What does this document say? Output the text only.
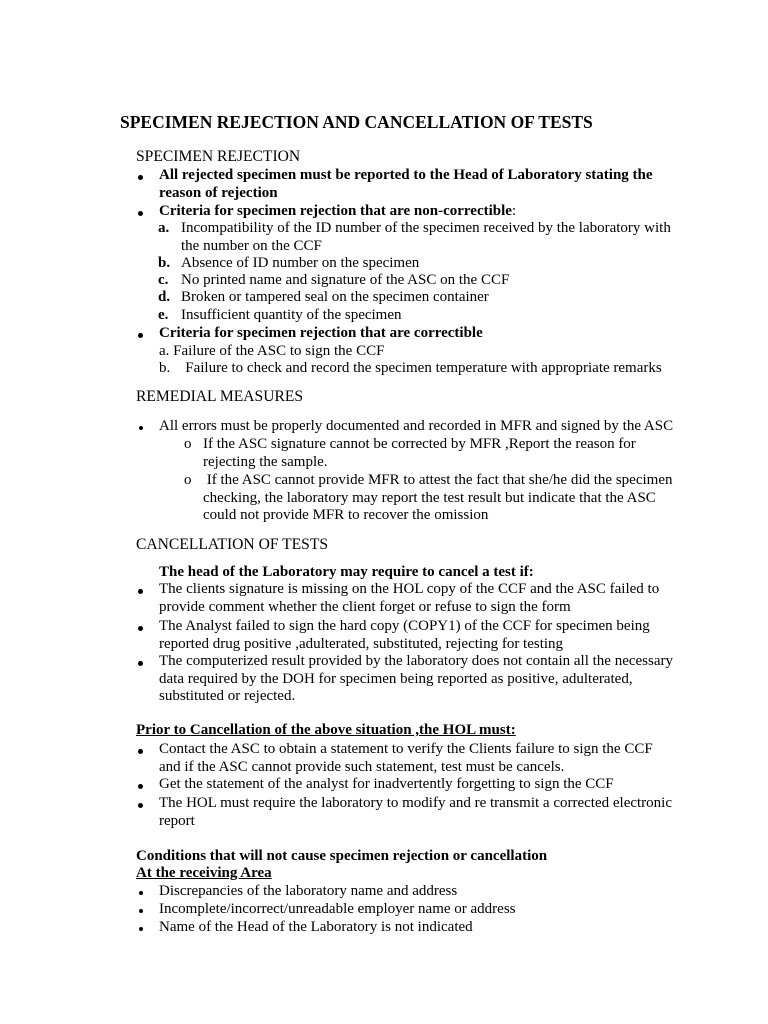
SPECIMEN REJECTION AND CANCELLATION OF TESTS
SPECIMEN REJECTION
All rejected specimen must be reported to the Head of Laboratory stating the
reason of rejection
Criteria for specimen rejection that are non-correctible:
a. Incompatibility of the ID number of the specimen received by the laboratory with
the number on the CCF
b. Absence of ID number on the specimen
c. No printed name and signature of the ASC on the CCF
d. Broken or tampered seal on the specimen container
e. Insufficient quantity of the specimen
Criteria for specimen rejection that are correctible
a. Failure of the ASC to sign the CCF
b.    Failure to check and record the specimen temperature with appropriate remarks
REMEDIAL MEASURES
All errors must be properly documented and recorded in MFR and signed by the ASC
o If the ASC signature cannot be corrected by MFR ,Report the reason for
rejecting the sample.
o If the ASC cannot provide MFR to attest the fact that she/he did the specimen
checking, the laboratory may report the test result but indicate that the ASC
could not provide MFR to recover the omission
CANCELLATION OF TESTS
The head of the Laboratory may require to cancel a test if:
The clients signature is missing on the HOL copy of the CCF and the ASC failed to
provide comment whether the client forget or refuse to sign the form
The Analyst failed to sign the hard copy (COPY1) of the CCF for specimen being
reported drug positive ,adulterated, substituted, rejecting for testing
The computerized result provided by the laboratory does not contain all the necessary
data required by the DOH for specimen being reported as positive, adulterated,
substituted or rejected.
Prior to Cancellation of the above situation ,the HOL must:
Contact the ASC to obtain a statement to verify the Clients failure to sign the CCF
and if the ASC cannot provide such statement, test must be cancels.
Get the statement of the analyst for inadvertently forgetting to sign the CCF
The HOL must require the laboratory to modify and re transmit a corrected electronic
report
Conditions that will not cause specimen rejection or cancellation
At the receiving Area
Discrepancies of the laboratory name and address
Incomplete/incorrect/unreadable employer name or address
Name of the Head of the Laboratory is not indicated
